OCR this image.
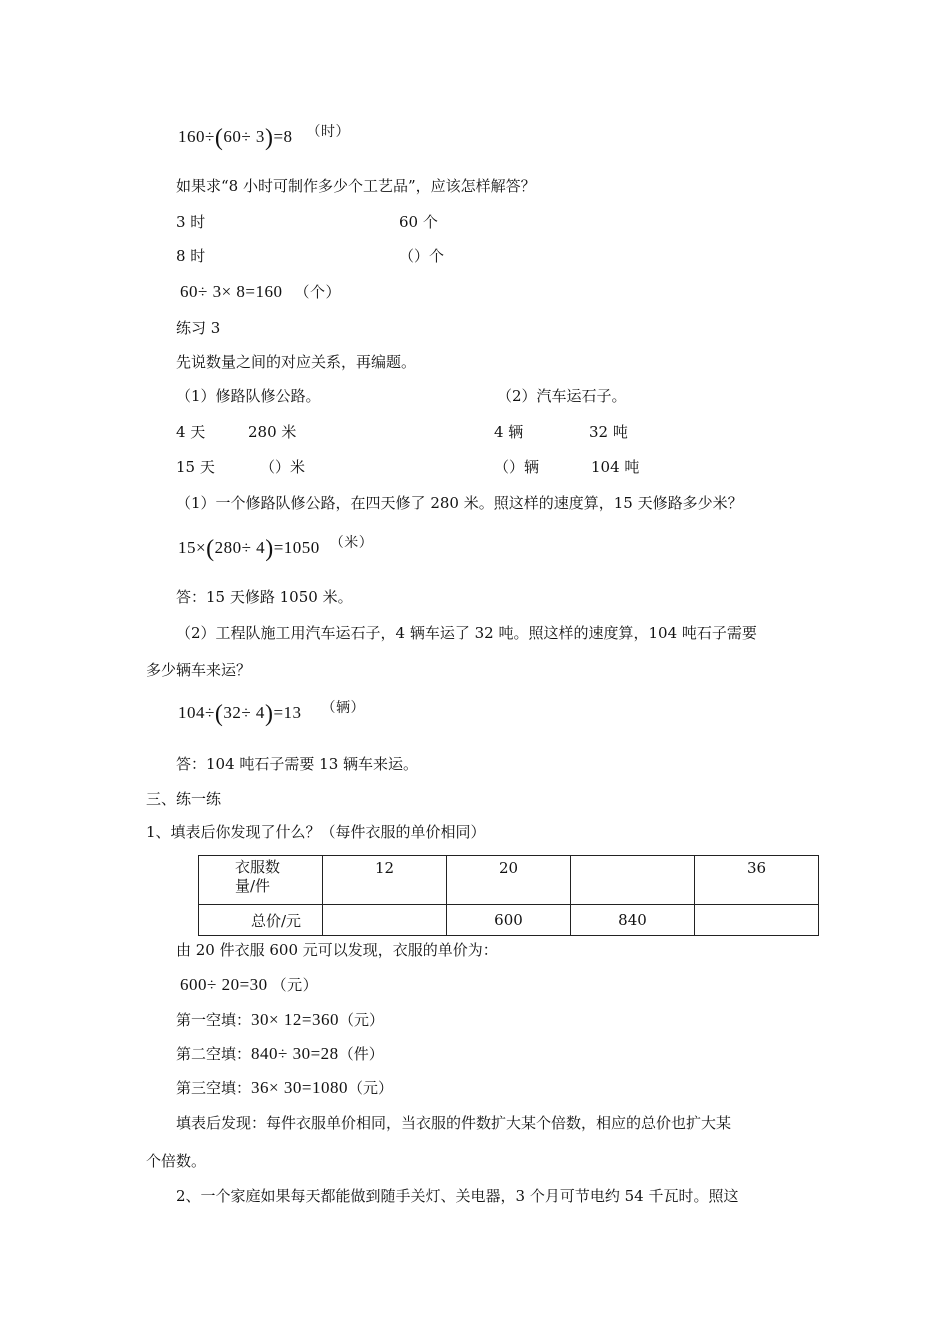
160÷(60÷ 3)=8 $^{(时)}$
如果求“8 小时可制作多少个工艺品”，应该怎样解答？
3 时	60 个
8 时	（）个
60÷ 3× 8=160 （个）
练习 3
先说数量之间的对应关系，再编题。
（1）修路队修公路。	（2）汽车运石子。
4 天	280 米	4 辆	32 吨
15 天	（）米	（）辆	104 吨
（1）一个修路队修公路，在四天修了 280 米。照这样的速度算，15 天修路多少米？
15×(280÷ 4)=1050 $^{(米)}$
答：15 天修路 1050 米。
（2）工程队施工用汽车运石子，4 辆车运了 32 吨。照这样的速度算，104 吨石子需要
多少辆车来运？
104÷(32÷ 4)=13 $^{(辆)}$
答：104 吨石子需要 13 辆车来运。
三、练一练
1、填表后你发现了什么？（每件衣服的单价相同）
衣服数
量/件	12	20		36

总价/元		600	840	

由 20 件衣服 600 元可以发现，衣服的单价为：
600÷ 20=30 （元）
第一空填：30× 12=360（元）
第二空填：840÷ 30=28（件）
第三空填：36× 30=1080（元）
填表后发现：每件衣服单价相同，当衣服的件数扩大某个倍数，相应的总价也扩大某
个倍数。
2、一个家庭如果每天都能做到随手关灯、关电器，3 个月可节电约 54 千瓦时。照这
